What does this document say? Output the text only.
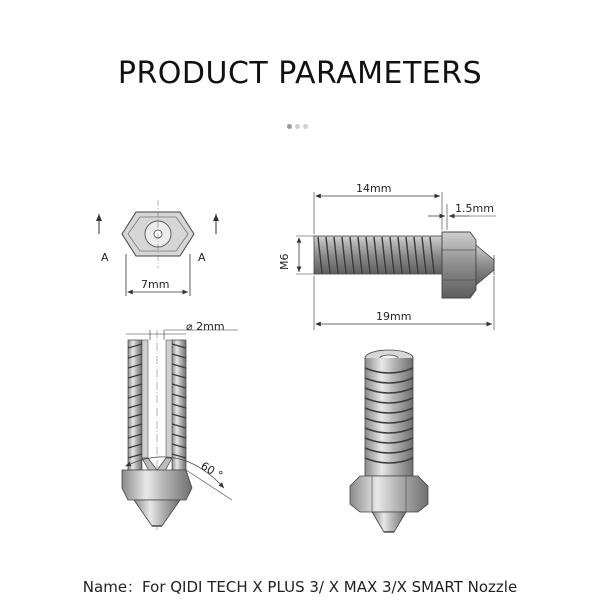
PRODUCT PARAMETERS
A	A
7mm
M6
14mm
1.5mm
19mm
⌀ 2mm
60 °
Name：For QIDI TECH X PLUS 3/ X MAX 3/X SMART Nozzle
